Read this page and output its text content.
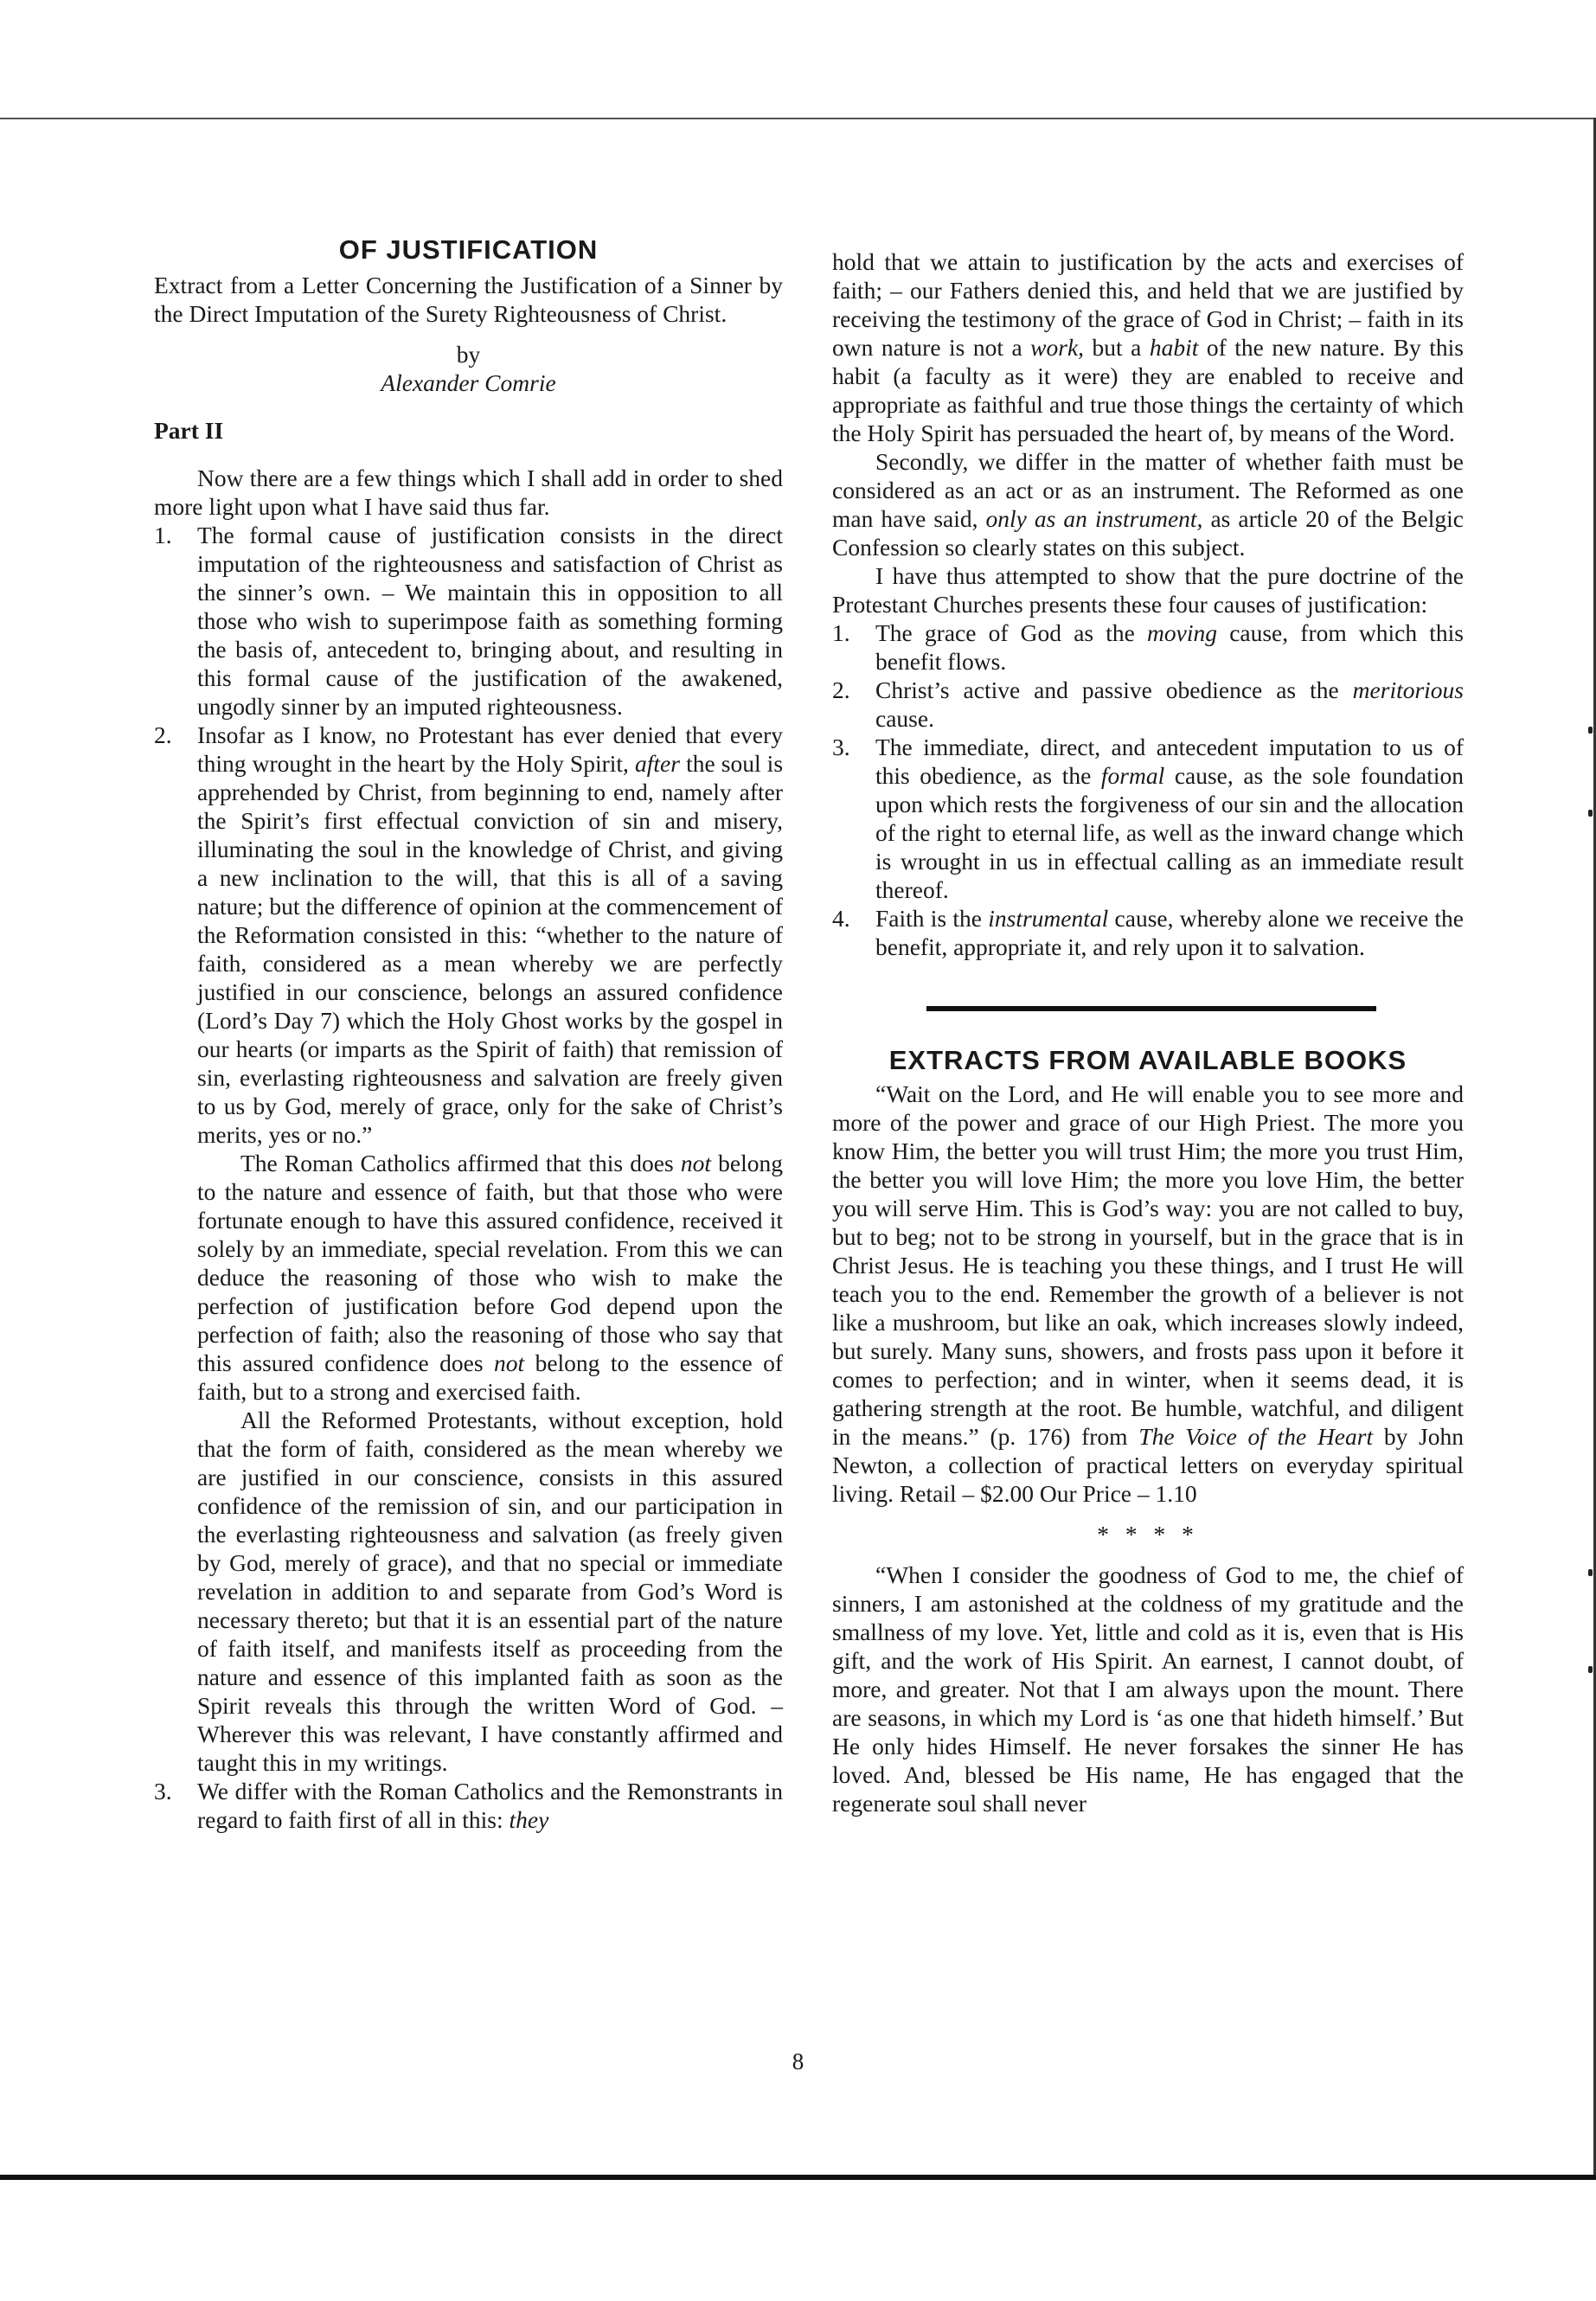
OF JUSTIFICATION

Extract from a Letter Concerning the Justification of a Sinner by the Direct Imputation of the Surety Righteousness of Christ.

by

Alexander Comrie

Part II

Now there are a few things which I shall add in order to shed more light upon what I have said thus far.

1. The formal cause of justification consists in the direct imputation of the righteousness and satisfaction of Christ as the sinner’s own. – We maintain this in opposition to all those who wish to superimpose faith as something forming the basis of, antecedent to, bringing about, and resulting in this formal cause of the justification of the awakened, ungodly sinner by an imputed righteousness.
2. Insofar as I know, no Protestant has ever denied that every thing wrought in the heart by the Holy Spirit, after the soul is apprehended by Christ, from beginning to end, namely after the Spirit’s first effectual conviction of sin and misery, illuminating the soul in the knowledge of Christ, and giving a new inclination to the will, that this is all of a saving nature; but the difference of opinion at the commencement of the Reformation consisted in this: “whether to the nature of faith, considered as a mean whereby we are perfectly justified in our conscience, belongs an assured confidence (Lord’s Day 7) which the Holy Ghost works by the gospel in our hearts (or imparts as the Spirit of faith) that remission of sin, everlasting righteousness and salvation are freely given to us by God, merely of grace, only for the sake of Christ’s merits, yes or no.”

The Roman Catholics affirmed that this does not belong to the nature and essence of faith, but that those who were fortunate enough to have this assured confidence, received it solely by an immediate, special revelation. From this we can deduce the reasoning of those who wish to make the perfection of justification before God depend upon the perfection of faith; also the reasoning of those who say that this assured confidence does not belong to the essence of faith, but to a strong and exercised faith.

All the Reformed Protestants, without exception, hold that the form of faith, considered as the mean whereby we are justified in our conscience, consists in this assured confidence of the remission of sin, and our participation in the everlasting righteousness and salvation (as freely given by God, merely of grace), and that no special or immediate revelation in addition to and separate from God’s Word is necessary thereto; but that it is an essential part of the nature of faith itself, and manifests itself as proceeding from the nature and essence of this implanted faith as soon as the Spirit reveals this through the written Word of God. – Wherever this was relevant, I have constantly affirmed and taught this in my writings.

3. We differ with the Roman Catholics and the Remonstrants in regard to faith first of all in this: they

hold that we attain to justification by the acts and exercises of faith; – our Fathers denied this, and held that we are justified by receiving the testimony of the grace of God in Christ; – faith in its own nature is not a work, but a habit of the new nature. By this habit (a faculty as it were) they are enabled to receive and appropriate as faithful and true those things the certainty of which the Holy Spirit has persuaded the heart of, by means of the Word.

Secondly, we differ in the matter of whether faith must be considered as an act or as an instrument. The Reformed as one man have said, only as an instrument, as article 20 of the Belgic Confession so clearly states on this subject.

I have thus attempted to show that the pure doctrine of the Protestant Churches presents these four causes of justification:

1. The grace of God as the moving cause, from which this benefit flows.
2. Christ’s active and passive obedience as the meritorious cause.
3. The immediate, direct, and antecedent imputation to us of this obedience, as the formal cause, as the sole foundation upon which rests the forgiveness of our sin and the allocation of the right to eternal life, as well as the inward change which is wrought in us in effectual calling as an immediate result thereof.
4. Faith is the instrumental cause, whereby alone we receive the benefit, appropriate it, and rely upon it to salvation.
EXTRACTS FROM AVAILABLE BOOKS

“Wait on the Lord, and He will enable you to see more and more of the power and grace of our High Priest. The more you know Him, the better you will trust Him; the more you trust Him, the better you will love Him; the more you love Him, the better you will serve Him. This is God’s way: you are not called to buy, but to beg; not to be strong in yourself, but in the grace that is in Christ Jesus. He is teaching you these things, and I trust He will teach you to the end. Remember the growth of a believer is not like a mushroom, but like an oak, which increases slowly indeed, but surely. Many suns, showers, and frosts pass upon it before it comes to perfection; and in winter, when it seems dead, it is gathering strength at the root. Be humble, watchful, and diligent in the means.” (p. 176) from The Voice of the Heart by John Newton, a collection of practical letters on everyday spiritual living. Retail – $2.00 Our Price – 1.10

* * * *

“When I consider the goodness of God to me, the chief of sinners, I am astonished at the coldness of my gratitude and the smallness of my love. Yet, little and cold as it is, even that is His gift, and the work of His Spirit. An earnest, I cannot doubt, of more, and greater. Not that I am always upon the mount. There are seasons, in which my Lord is ‘as one that hideth himself.’ But He only hides Himself. He never forsakes the sinner He has loved. And, blessed be His name, He has engaged that the regenerate soul shall never

8
